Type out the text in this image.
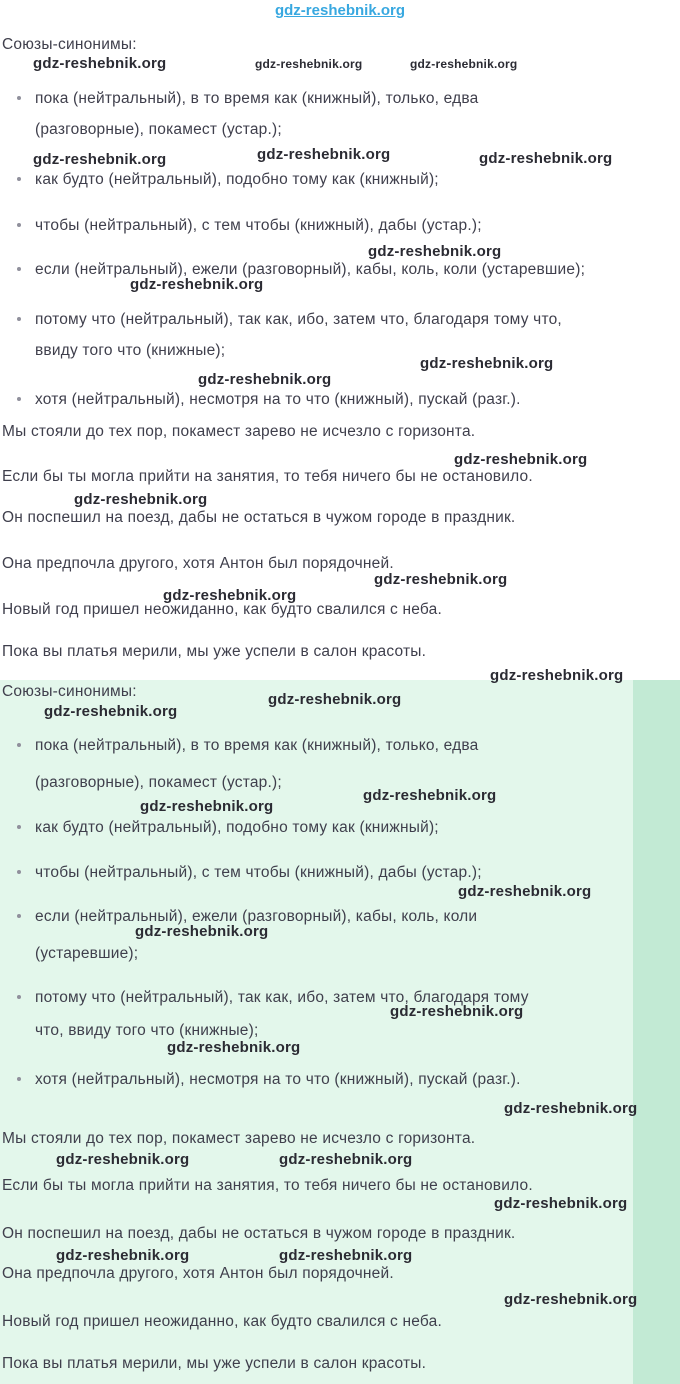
gdz-reshebnik.org
Союзы-синонимы:
gdz-reshebnik.org	gdz-reshebnik.org	gdz-reshebnik.org
пока (нейтральный), в то время как (книжный), только, едва
(разговорные), покамест (устар.);
gdz-reshebnik.org	gdz-reshebnik.org
gdz-reshebnik.org
как будто (нейтральный), подобно тому как (книжный);
чтобы (нейтральный), с тем чтобы (книжный), дабы (устар.);
gdz-reshebnik.org
если (нейтральный), ежели (разговорный), кабы, коль, коли (устаревшие);
gdz-reshebnik.org
потому что (нейтральный), так как, ибо, затем что, благодаря тому что,
ввиду того что (книжные);
gdz-reshebnik.org
gdz-reshebnik.org
хотя (нейтральный), несмотря на то что (книжный), пускай (разг.).
Мы стояли до тех пор, покамест зарево не исчезло с горизонта.
gdz-reshebnik.org
Если бы ты могла прийти на занятия, то тебя ничего бы не остановило.
gdz-reshebnik.org
Он поспешил на поезд, дабы не остаться в чужом городе в праздник.
Она предпочла другого, хотя Антон был порядочней.
gdz-reshebnik.org
gdz-reshebnik.org
Новый год пришел неожиданно, как будто свалился с неба.
Пока вы платья мерили, мы уже успели в салон красоты.
gdz-reshebnik.org
Союзы-синонимы:	gdz-reshebnik.org
gdz-reshebnik.org
пока (нейтральный), в то время как (книжный), только, едва
(разговорные), покамест (устар.);
gdz-reshebnik.org
gdz-reshebnik.org
как будто (нейтральный), подобно тому как (книжный);
чтобы (нейтральный), с тем чтобы (книжный), дабы (устар.);
gdz-reshebnik.org
если (нейтральный), ежели (разговорный), кабы, коль, коли
gdz-reshebnik.org
(устаревшие);
потому что (нейтральный), так как, ибо, затем что, благодаря тому
gdz-reshebnik.org
что, ввиду того что (книжные);
gdz-reshebnik.org
хотя (нейтральный), несмотря на то что (книжный), пускай (разг.).
gdz-reshebnik.org
Мы стояли до тех пор, покамест зарево не исчезло с горизонта.
gdz-reshebnik.org	gdz-reshebnik.org
Если бы ты могла прийти на занятия, то тебя ничего бы не остановило.
gdz-reshebnik.org
Он поспешил на поезд, дабы не остаться в чужом городе в праздник.
gdz-reshebnik.org	gdz-reshebnik.org
Она предпочла другого, хотя Антон был порядочней.
gdz-reshebnik.org
Новый год пришел неожиданно, как будто свалился с неба.
Пока вы платья мерили, мы уже успели в салон красоты.
